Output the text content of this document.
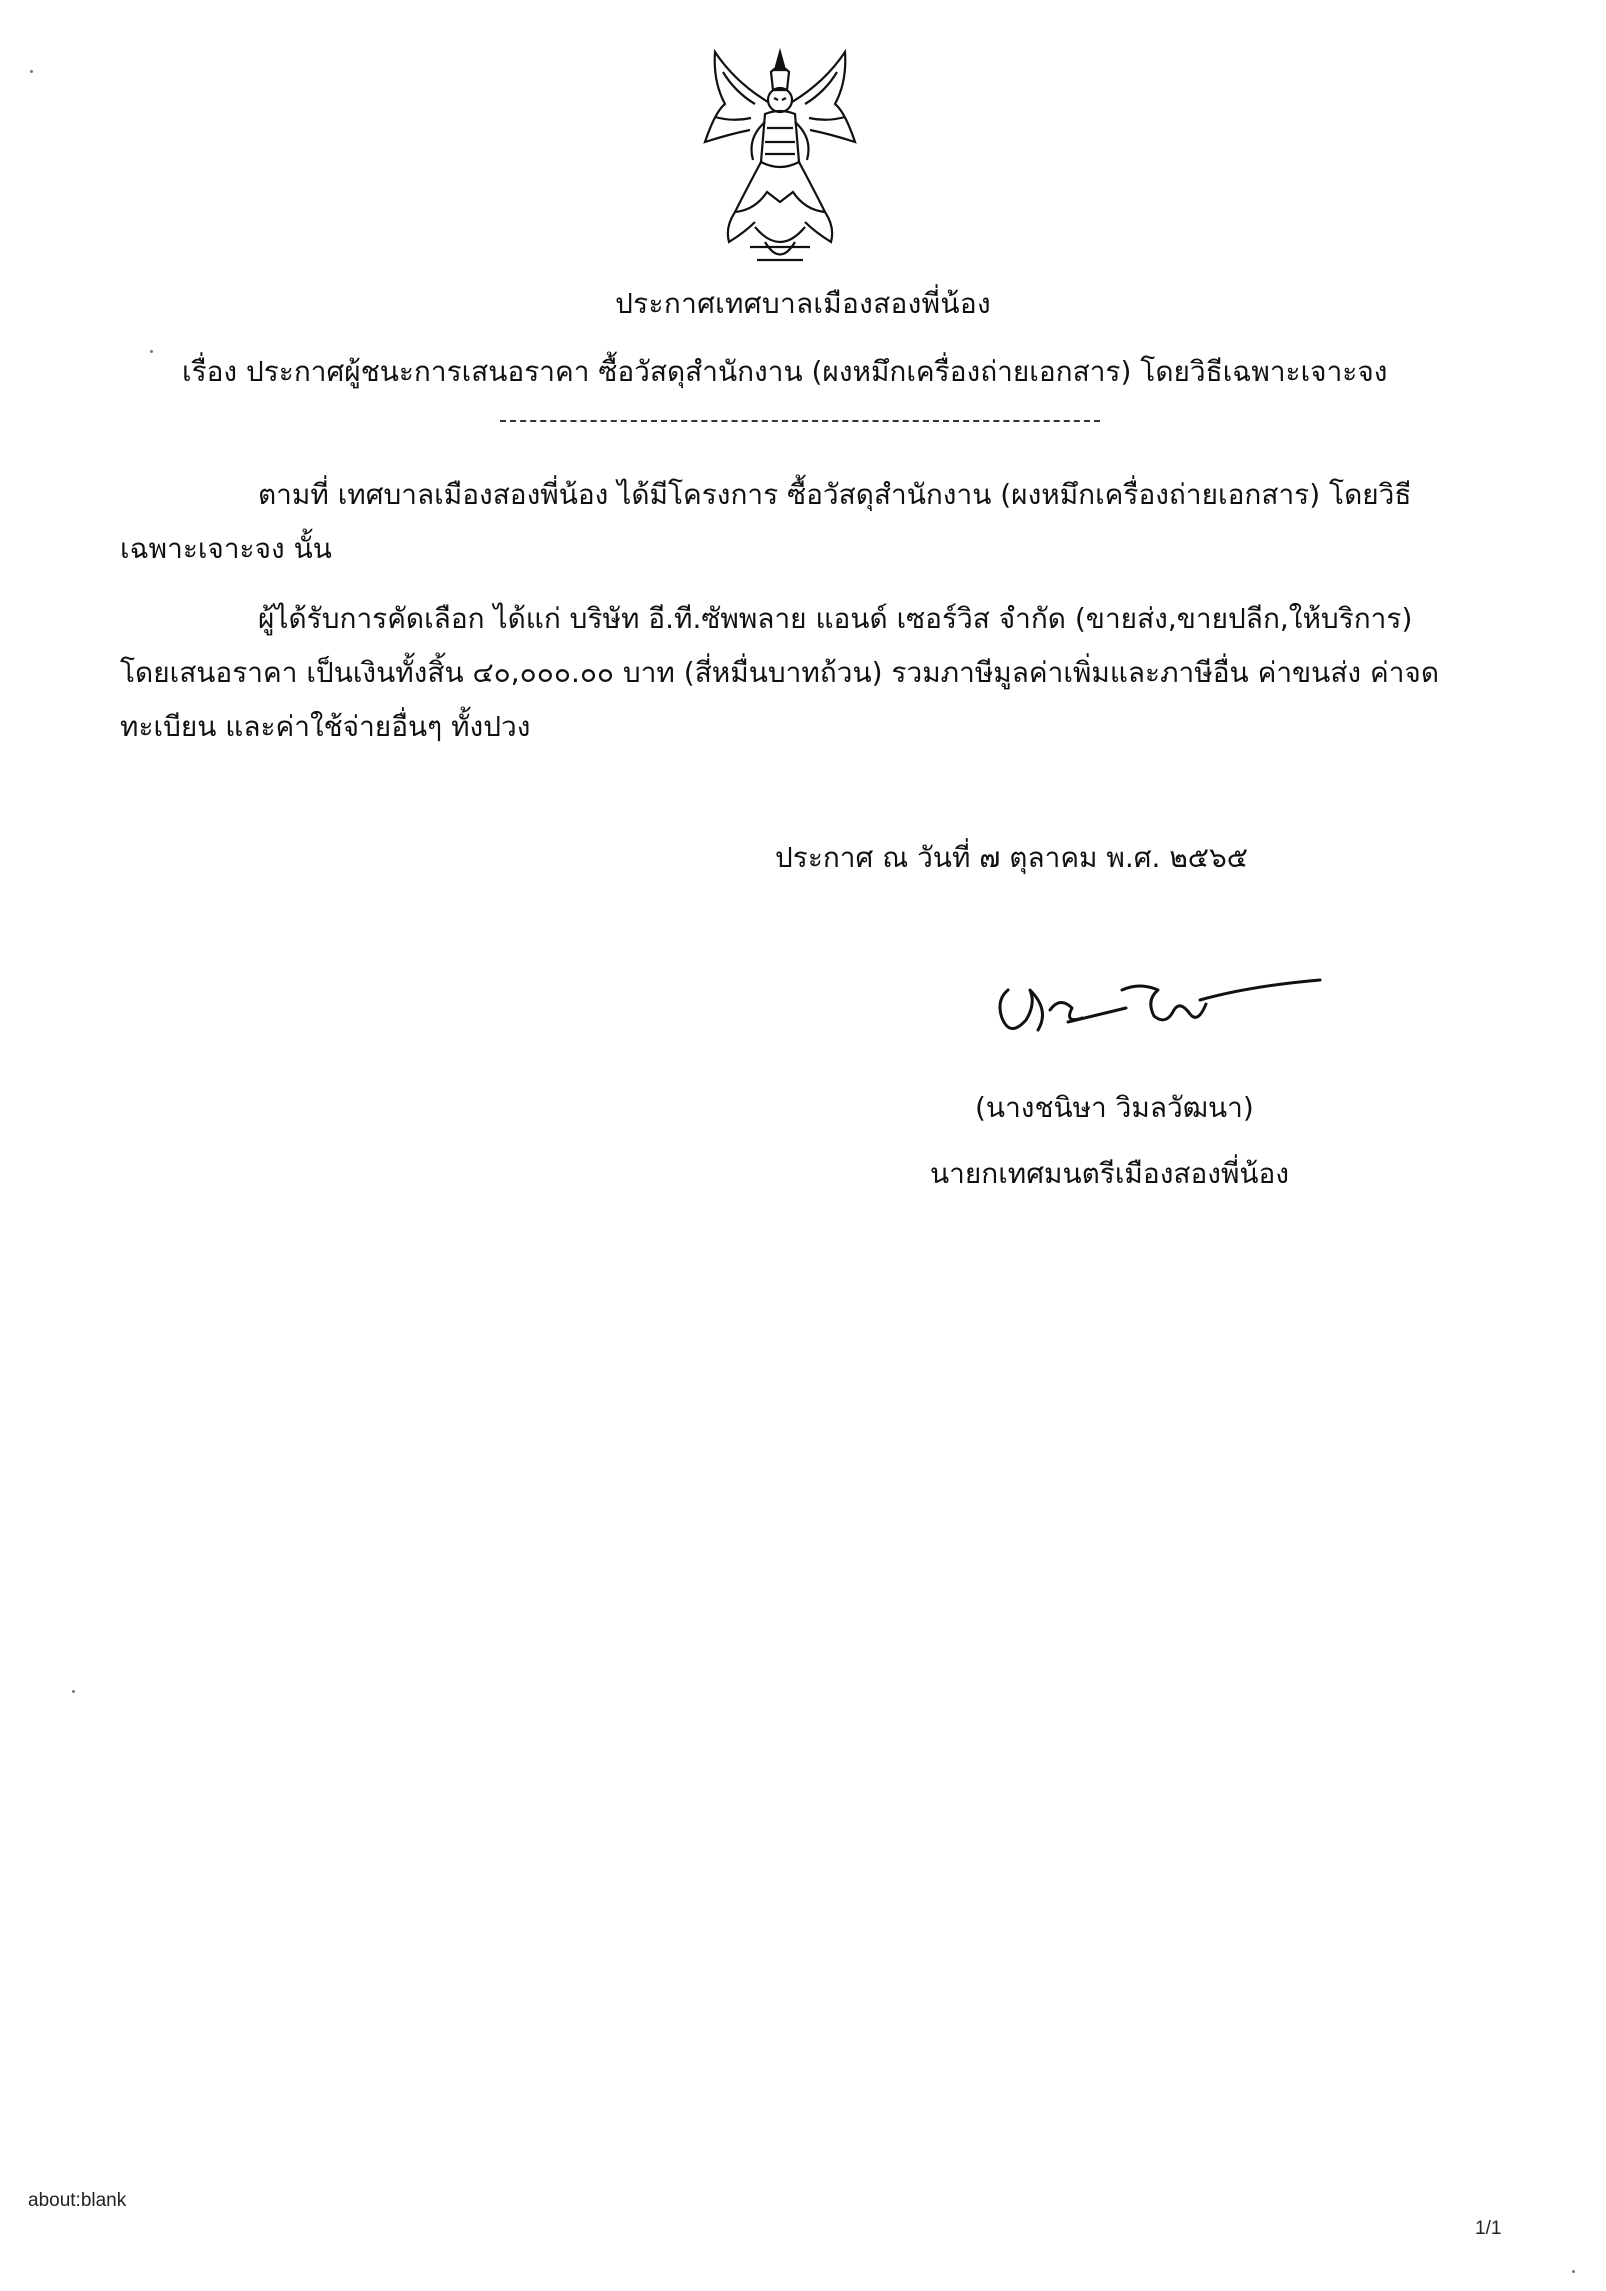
ประกาศเทศบาลเมืองสองพี่น้อง
เรื่อง ประกาศผู้ชนะการเสนอราคา ซื้อวัสดุสำนักงาน (ผงหมึกเครื่องถ่ายเอกสาร) โดยวิธีเฉพาะเจาะจง
ตามที่ เทศบาลเมืองสองพี่น้อง ได้มีโครงการ ซื้อวัสดุสำนักงาน (ผงหมึกเครื่องถ่ายเอกสาร) โดยวิธีเฉพาะเจาะจง นั้น
ผู้ได้รับการคัดเลือก ได้แก่ บริษัท อี.ที.ซัพพลาย แอนด์ เซอร์วิส จำกัด (ขายส่ง,ขายปลีก,ให้บริการ) โดยเสนอราคา เป็นเงินทั้งสิ้น ๔๐,๐๐๐.๐๐ บาท (สี่หมื่นบาทถ้วน) รวมภาษีมูลค่าเพิ่มและภาษีอื่น ค่าขนส่ง ค่าจดทะเบียน และค่าใช้จ่ายอื่นๆ ทั้งปวง
ประกาศ ณ วันที่ ๗ ตุลาคม พ.ศ. ๒๕๖๕
(นางชนิษา วิมลวัฒนา)
นายกเทศมนตรีเมืองสองพี่น้อง
about:blank
1/1
